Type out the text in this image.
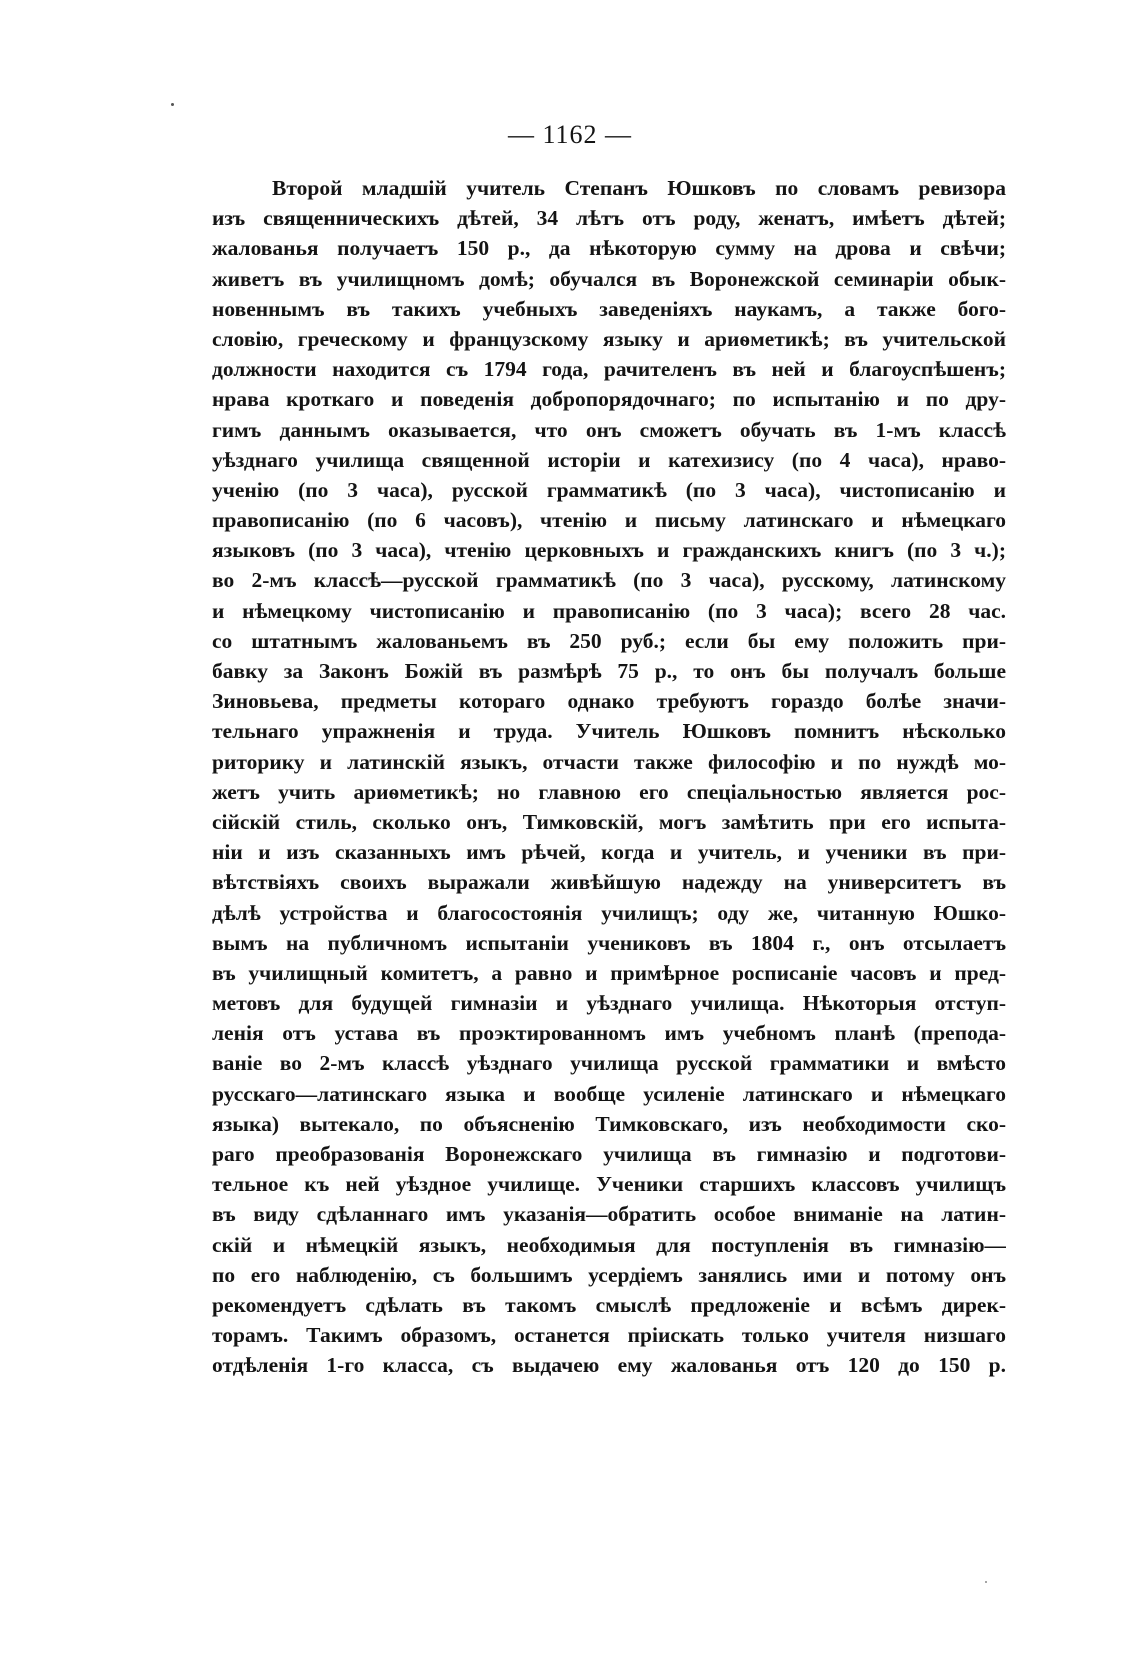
— 1162 —
Второй младшій учитель Степанъ Юшковъ по словамъ ревизора
изъ священническихъ дѣтей, 34 лѣтъ отъ роду, женатъ, имѣетъ дѣтей;
жалованья получаетъ 150 р., да нѣкоторую сумму на дрова и свѣчи;
живетъ въ училищномъ домѣ; обучался въ Воронежской семинаріи обык-
новеннымъ въ такихъ учебныхъ заведеніяхъ наукамъ, а также бого-
словію, греческому и французскому языку и ариѳметикѣ; въ учительской
должности находится съ 1794 года, рачителенъ въ ней и благоуспѣшенъ;
нрава кроткаго и поведенія добропорядочнаго; по испытанію и по дру-
гимъ даннымъ оказывается, что онъ сможетъ обучать въ 1-мъ классѣ
уѣзднаго училища священной исторіи и катехизису (по 4 часа), нраво-
ученію (по 3 часа), русской грамматикѣ (по 3 часа), чистописанію и
правописанію (по 6 часовъ), чтенію и письму латинскаго и нѣмецкаго
языковъ (по 3 часа), чтенію церковныхъ и гражданскихъ книгъ (по 3 ч.);
во 2-мъ классѣ—русской грамматикѣ (по 3 часа), русскому, латинскому
и нѣмецкому чистописанію и правописанію (по 3 часа); всего 28 час.
со штатнымъ жалованьемъ въ 250 руб.; если бы ему положить при-
бавку за Законъ Божій въ размѣрѣ 75 р., то онъ бы получалъ больше
Зиновьева, предметы котораго однако требуютъ гораздо болѣе значи-
тельнаго упражненія и труда. Учитель Юшковъ помнитъ нѣсколько
риторику и латинскій языкъ, отчасти также философію и по нуждѣ мо-
жетъ учить ариѳметикѣ; но главною его спеціальностью является рос-
сійскій стиль, сколько онъ, Тимковскій, могъ замѣтить при его испыта-
ніи и изъ сказанныхъ имъ рѣчей, когда и учитель, и ученики въ при-
вѣтствіяхъ своихъ выражали живѣйшую надежду на университетъ въ
дѣлѣ устройства и благосостоянія училищъ; оду же, читанную Юшко-
вымъ на публичномъ испытаніи учениковъ въ 1804 г., онъ отсылаетъ
въ училищный комитетъ, а равно и примѣрное росписаніе часовъ и пред-
метовъ для будущей гимназіи и уѣзднаго училища. Нѣкоторыя отступ-
ленія отъ устава въ проэктированномъ имъ учебномъ планѣ (препода-
ваніе во 2-мъ классѣ уѣзднаго училища русской грамматики и вмѣсто
русскаго—латинскаго языка и вообще усиленіе латинскаго и нѣмецкаго
языка) вытекало, по объясненію Тимковскаго, изъ необходимости ско-
раго преобразованія Воронежскаго училища въ гимназію и подготови-
тельное къ ней уѣздное училище. Ученики старшихъ классовъ училищъ
въ виду сдѣланнаго имъ указанія—обратить особое вниманіе на латин-
скій и нѣмецкій языкъ, необходимыя для поступленія въ гимназію—
по его наблюденію, съ большимъ усердіемъ занялись ими и потому онъ
рекомендуетъ сдѣлать въ такомъ смыслѣ предложеніе и всѣмъ дирек-
торамъ. Такимъ образомъ, останется пріискать только учителя низшаго
отдѣленія 1-го класса, съ выдачею ему жалованья отъ 120 до 150 р.
